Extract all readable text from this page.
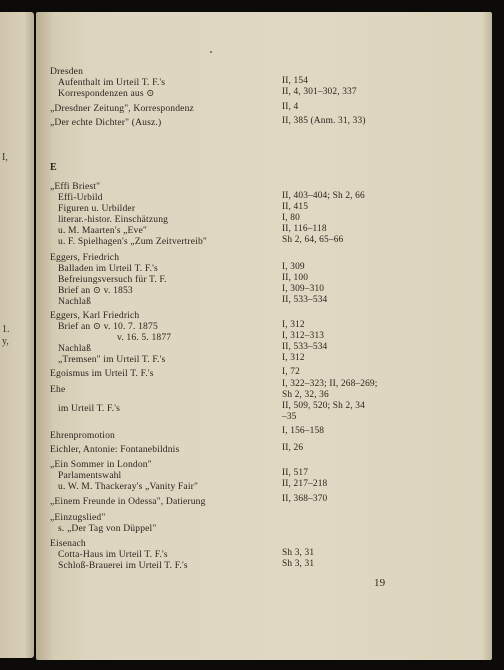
I,
1.
y,
Dresden
Aufenthalt im Urteil T. F.'s	II, 154
Korrespondenzen aus ⊙	II, 4, 301–302, 337
„Dresdner Zeitung", Korrespondenz	II, 4
„Der echte Dichter" (Ausz.)	II, 385 (Anm. 31, 33)
E
„Effi Briest"
Effi-Urbild	II, 403–404; Sh 2, 66
Figuren u. Urbilder	II, 415
literar.-histor. Einschätzung	I, 80
u. M. Maarten's „Eve"	II, 116–118
u. F. Spielhagen's „Zum Zeitvertreib"	Sh 2, 64, 65–66
Eggers, Friedrich
Balladen im Urteil T. F.'s	I, 309
Befreiungsversuch für T. F.	II, 100
Brief an ⊙ v. 1853	I, 309–310
Nachlaß	II, 533–534
Eggers, Karl Friedrich
Brief an ⊙ v. 10. 7. 1875	I, 312
v. 16. 5. 1877	I, 312–313
Nachlaß	II, 533–534
„Tremsen" im Urteil T. F.'s	I, 312
Egoismus im Urteil T. F.'s	I, 72
Ehe	I, 322–323; II, 268–269;
Sh 2, 32, 36
im Urteil T. F.'s	II, 509, 520; Sh 2, 34
–35
Ehrenpromotion	I, 156–158
Eichler, Antonie: Fontanebildnis	II, 26
„Ein Sommer in London"
Parlamentswahl	II, 517
u. W. M. Thackeray's „Vanity Fair"	II, 217–218
„Einem Freunde in Odessa", Datierung	II, 368–370
„Einzugslied"
s. „Der Tag von Düppel"
Eisenach
Cotta-Haus im Urteil T. F.'s	Sh 3, 31
Schloß-Brauerei im Urteil T. F.'s	Sh 3, 31
19
